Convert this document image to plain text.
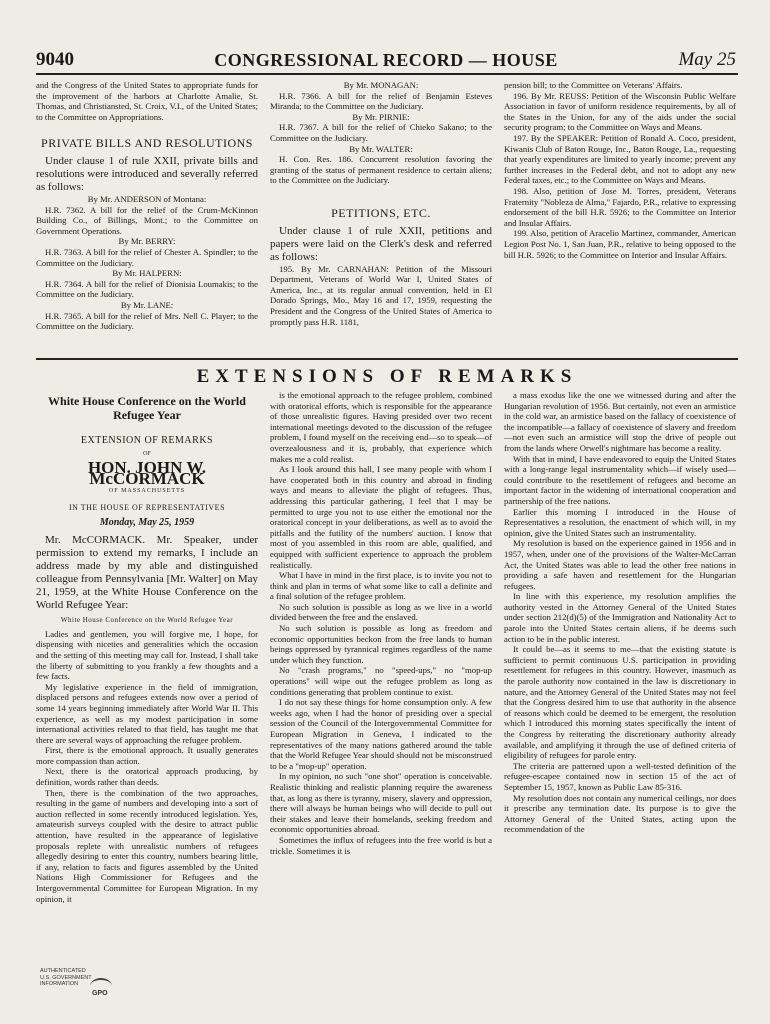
9040	CONGRESSIONAL RECORD — HOUSE	May 25

and the Congress of the United States to appropriate funds for the improvement of the harbors at Charlotte Amalie, St. Thomas, and Christiansted, St. Croix, V.I., of the United States; to the Committee on Appropriations.

PRIVATE BILLS AND RESOLUTIONS

Under clause 1 of rule XXII, private bills and resolutions were introduced and severally referred as follows:

By Mr. ANDERSON of Montana:

H.R. 7362. A bill for the relief of the Crum-McKinnon Building Co., of Billings, Mont.; to the Committee on Government Operations.

By Mr. BERRY:

H.R. 7363. A bill for the relief of Chester A. Spindler; to the Committee on the Judiciary.

By Mr. HALPERN:

H.R. 7364. A bill for the relief of Dionisia Loumakis; to the Committee on the Judiciary.

By Mr. LANE:

H.R. 7365. A bill for the relief of Mrs. Nell C. Player; to the Committee on the Judiciary.

By Mr. MONAGAN:

H.R. 7366. A bill for the relief of Benjamin Esteves Miranda; to the Committee on the Judiciary.

By Mr. PIRNIE:

H.R. 7367. A bill for the relief of Chieko Sakano; to the Committee on the Judiciary.

By Mr. WALTER:

H. Con. Res. 186. Concurrent resolution favoring the granting of the status of permanent residence to certain aliens; to the Committee on the Judiciary.

PETITIONS, ETC.

Under clause 1 of rule XXII, petitions and papers were laid on the Clerk's desk and referred as follows:

195. By Mr. CARNAHAN: Petition of the Missouri Department, Veterans of World War I, United States of America, Inc., at its regular annual convention, held in El Dorado Springs, Mo., May 16 and 17, 1959, requesting the President and the Congress of the United States of America to promptly pass H.R. 1181,

pension bill; to the Committee on Veterans' Affairs.

196. By Mr. REUSS: Petition of the Wisconsin Public Welfare Association in favor of uniform residence requirements, by all of the States in the Union, for any of the aids under the social security program; to the Committee on Ways and Means.

197. By the SPEAKER: Petition of Ronald A. Coco, president, Kiwanis Club of Baton Rouge, Inc., Baton Rouge, La., requesting that yearly expenditures are limited to yearly income; prevent any further increases in the Federal debt, and not to adopt any new Federal taxes, etc.; to the Committee on Ways and Means.

198. Also, petition of Jose M. Torres, president, Veterans Fraternity "Nobleza de Alma," Fajardo, P.R., relative to expressing endorsement of the bill H.R. 5926; to the Committee on Interior and Insular Affairs.

199. Also, petition of Aracelio Martinez, commander, American Legion Post No. 1, San Juan, P.R., relative to being opposed to the bill H.R. 5926; to the Committee on Interior and Insular Affairs.

EXTENSIONS OF REMARKS
White House Conference on the World Refugee Year
EXTENSION OF REMARKS
OF
HON. JOHN W. McCORMACK
OF MASSACHUSETTS
IN THE HOUSE OF REPRESENTATIVES
Monday, May 25, 1959

Mr. McCORMACK. Mr. Speaker, under permission to extend my remarks, I include an address made by my able and distinguished colleague from Pennsylvania [Mr. Walter] on May 21, 1959, at the White House Conference on the World Refugee Year:

White House Conference on the World Refugee Year

Ladies and gentlemen, you will forgive me, I hope, for dispensing with niceties and generalities which the occasion and the setting of this meeting may call for. Instead, I shall take the liberty of submitting to you frankly a few thoughts and a few facts.

My legislative experience in the field of immigration, displaced persons and refugees extends now over a period of some 14 years beginning immediately after World War II. This experience, as well as my modest participation in some international activities related to that field, has taught me that there are several ways of approaching the refugee problem.

First, there is the emotional approach. It usually generates more compassion than action.

Next, there is the oratorical approach producing, by definition, words rather than deeds.

Then, there is the combination of the two approaches, resulting in the game of numbers and developing into a sort of auction reflected in some recently introduced legislation. Yes, amateurish surveys coupled with the desire to attract public attention, have resulted in the appearance of legislative proposals replete with unrealistic numbers of refugees allegedly desiring to enter this country, numbers bearing little, if any, relation to facts and figures assembled by the United Nations High Commissioner for Refugees and the Intergovernmental Committee for European Migration. In my opinion, it

is the emotional approach to the refugee problem, combined with oratorical efforts, which is responsible for the appearance of those unrealistic figures. Having presided over two recent international meetings devoted to the discussion of the refugee problem, I found myself on the receiving end—so to speak—of overzealousness and it is, probably, that experience which makes me a cold realist.

As I look around this hall, I see many people with whom I have cooperated both in this country and abroad in finding ways and means to alleviate the plight of refugees. Thus, addressing this particular gathering, I feel that I may be permitted to urge you not to use either the emotional nor the oratorical concept in your deliberations, as well as to avoid the pitfalls and the futility of the numbers' auction. I know that most of you assembled in this room are able, qualified, and equipped with sufficient experience to approach the problem realistically.

What I have in mind in the first place, is to invite you not to think and plan in terms of what some like to call a definite and a final solution of the refugee problem.

No such solution is possible as long as we live in a world divided between the free and the enslaved.

No such solution is possible as long as freedom and economic opportunities beckon from the free lands to human beings oppressed by tyrannical regimes regardless of the name under which they function.

No "crash programs," no "speed-ups," no "mop-up operations" will wipe out the refugee problem as long as conditions generating that problem continue to exist.

I do not say these things for home consumption only. A few weeks ago, when I had the honor of presiding over a special session of the Council of the Intergovernmental Committee for European Migration in Geneva, I indicated to the representatives of the many nations gathered around the table that the World Refugee Year should should not be misconstrued to be a "mop-up" operation.

In my opinion, no such "one shot" operation is conceivable. Realistic thinking and realistic planning require the awareness that, as long as there is tyranny, misery, slavery and oppression, there will always be human beings who will decide to pull out their stakes and leave their homelands, seeking freedom and economic opportunities abroad.

Sometimes the influx of refugees into the free world is but a trickle. Sometimes it is

a mass exodus like the one we witnessed during and after the Hungarian revolution of 1956. But certainly, not even an armistice in the cold war, an armistice based on the fallacy of coexistence of the incompatible—a fallacy of coexistence of slavery and freedom—not even such an armistice will stop the drive of people out from the lands where Orwell's nightmare has become a reality.

With that in mind, I have endeavored to equip the United States with a long-range legal instrumentality which—if wisely used—could contribute to the resettlement of refugees and become an important factor in the widening of international cooperation and partnership of the free nations.

Earlier this morning I introduced in the House of Representatives a resolution, the enactment of which will, in my opinion, give the United States such an instrumentality.

My resolution is based on the experience gained in 1956 and in 1957, when, under one of the provisions of the Walter-McCarran Act, the United States was able to lead the other free nations in providing a safe haven and resettlement for the Hungarian refugees.

In line with this experience, my resolution amplifies the authority vested in the Attorney General of the United States under section 212(d)(5) of the Immigration and Nationality Act to parole into the United States certain aliens, if he deems such action to be in the public interest.

It could be—as it seems to me—that the existing statute is sufficient to permit continuous U.S. participation in providing resettlement for refugees in this country. However, inasmuch as the parole authority now contained in the law is discretionary in nature, and the Attorney General of the United States may not feel that the Congress desired him to use that authority in the absence of reasons which could be deemed to be emergent, the resolution which I introduced this morning states specifically the intent of the Congress by reiterating the discretionary authority already available, and amplifying it through the use of defined criteria of eligibility of refugees for parole entry.

The criteria are patterned upon a well-tested definition of the refugee-escapee contained now in section 15 of the act of September 15, 1957, known as Public Law 85-316.

My resolution does not contain any numerical ceilings, nor does it prescribe any termination date. Its purpose is to give the Attorney General of the United States, acting upon the recommendation of the

AUTHENTICATED
U.S. GOVERNMENT
INFORMATION
GPO
